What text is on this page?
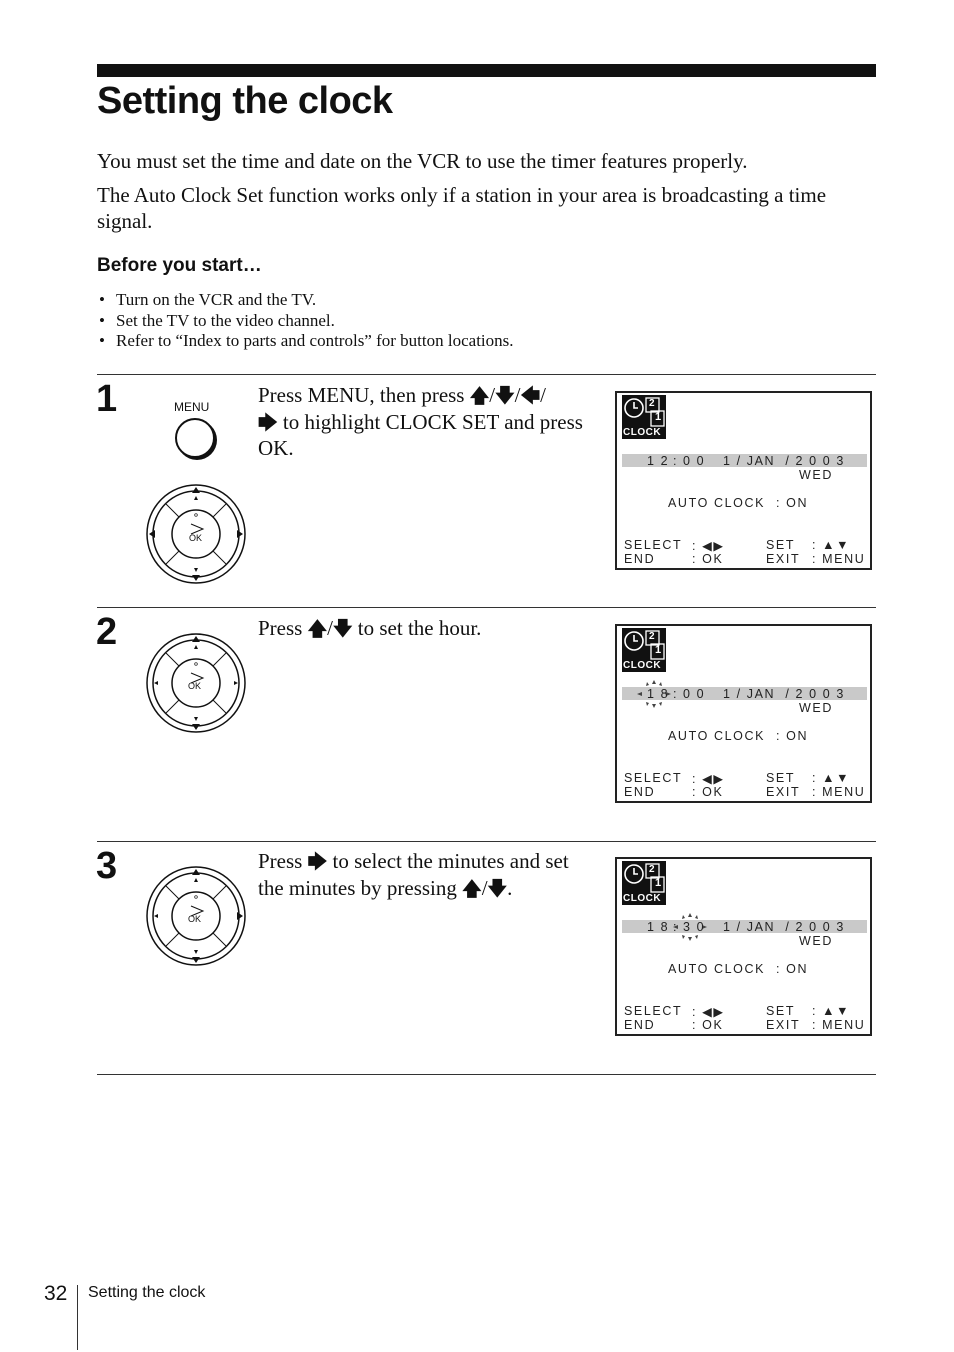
Setting the clock

You must set the time and date on the VCR to use the timer features properly.

The Auto Clock Set function works only if a station in your area is broadcasting a time signal.

Before you start…
• Turn on the VCR and the TV.
• Set the TV to the video channel.
• Refer to “Index to parts and controls” for button locations.
1	MENU
OK

Press MENU, then press 🡅/🡇/🡄/
🡆 to highlight CLOCK SET and press OK.

2
1
CLOCK
1 2 : 0 0 1 / JAN  / 2 0 0 3
WED
AUTO CLOCK : ON
SELECT : ◀▶	SET : ▲▼
END	: OK	EXIT : MENU
2
OK

Press 🡅/🡇 to set the hour.	2
1
CLOCK
1 8 : 0 0 1 / JAN  / 2 0 0 3
WED
AUTO CLOCK : ON
SELECT : ◀▶	SET : ▲▼
END	: OK	EXIT : MENU
3
OK

Press 🡆 to select the minutes and set the minutes by pressing 🡅/🡇.

2
1
CLOCK
1 8 : 3 0 1 / JAN  / 2 0 0 3
WED
AUTO CLOCK : ON
SELECT : ◀▶	SET : ▲▼
END	: OK	EXIT : MENU
32 Setting the clock
